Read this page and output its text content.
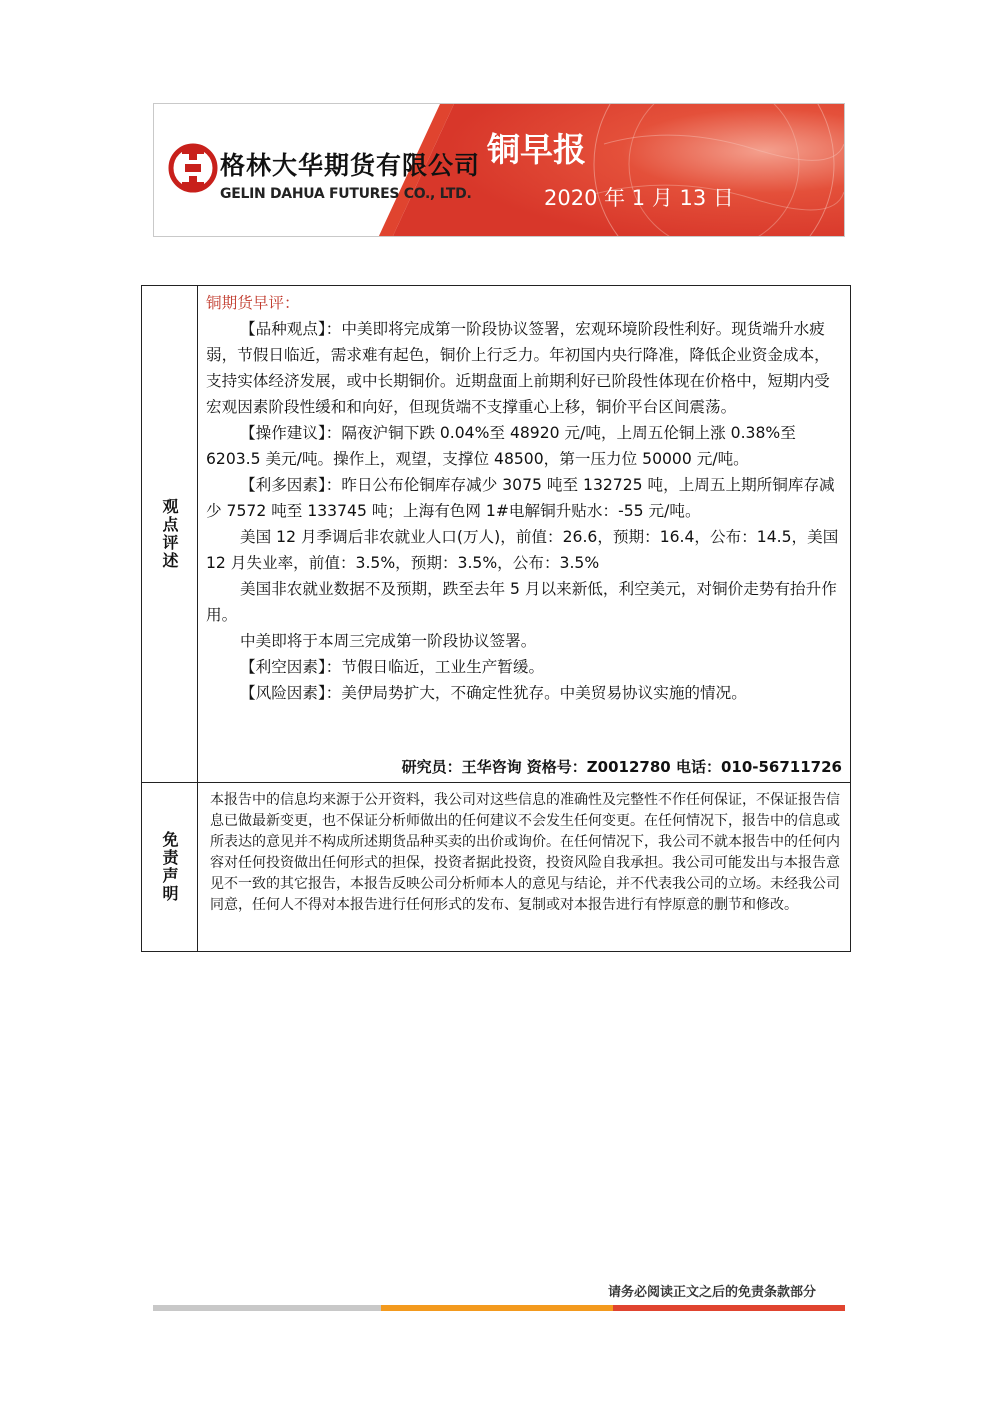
格林大华期货有限公司
GELIN DAHUA FUTURES CO., LTD.
铜早报
2020 年 1 月 13 日
观点评述
免责声明

铜期货早评：

【品种观点】：中美即将完成第一阶段协议签署，宏观环境阶段性利好。现货端升水疲弱，节假日临近，需求难有起色，铜价上行乏力。年初国内央行降准，降低企业资金成本，支持实体经济发展，或中长期铜价。近期盘面上前期利好已阶段性体现在价格中，短期内受宏观因素阶段性缓和和向好，但现货端不支撑重心上移，铜价平台区间震荡。

【操作建议】：隔夜沪铜下跌 0.04%至 48920 元/吨，上周五伦铜上涨 0.38%至 6203.5 美元/吨。操作上，观望，支撑位 48500，第一压力位 50000 元/吨。

【利多因素】：昨日公布伦铜库存减少 3075 吨至 132725 吨，上周五上期所铜库存减少 7572 吨至 133745 吨；上海有色网 1#电解铜升贴水：-55 元/吨。

美国 12 月季调后非农就业人口(万人)，前值：26.6，预期：16.4，公布：14.5，美国 12 月失业率，前值：3.5%，预期：3.5%，公布：3.5%

美国非农就业数据不及预期，跌至去年 5 月以来新低，利空美元，对铜价走势有抬升作用。

中美即将于本周三完成第一阶段协议签署。

【利空因素】：节假日临近，工业生产暂缓。

【风险因素】：美伊局势扩大，不确定性犹存。中美贸易协议实施的情况。

研究员：王华咨询 资格号：Z0012780 电话：010-56711726
本报告中的信息均来源于公开资料，我公司对这些信息的准确性及完整性不作任何保证，不保证报告信息已做最新变更，也不保证分析师做出的任何建议不会发生任何变更。在任何情况下，报告中的信息或所表达的意见并不构成所述期货品种买卖的出价或询价。在任何情况下，我公司不就本报告中的任何内容对任何投资做出任何形式的担保，投资者据此投资，投资风险自我承担。我公司可能发出与本报告意见不一致的其它报告，本报告反映公司分析师本人的意见与结论，并不代表我公司的立场。未经我公司同意，任何人不得对本报告进行任何形式的发布、复制或对本报告进行有悖原意的删节和修改。
请务必阅读正文之后的免责条款部分
